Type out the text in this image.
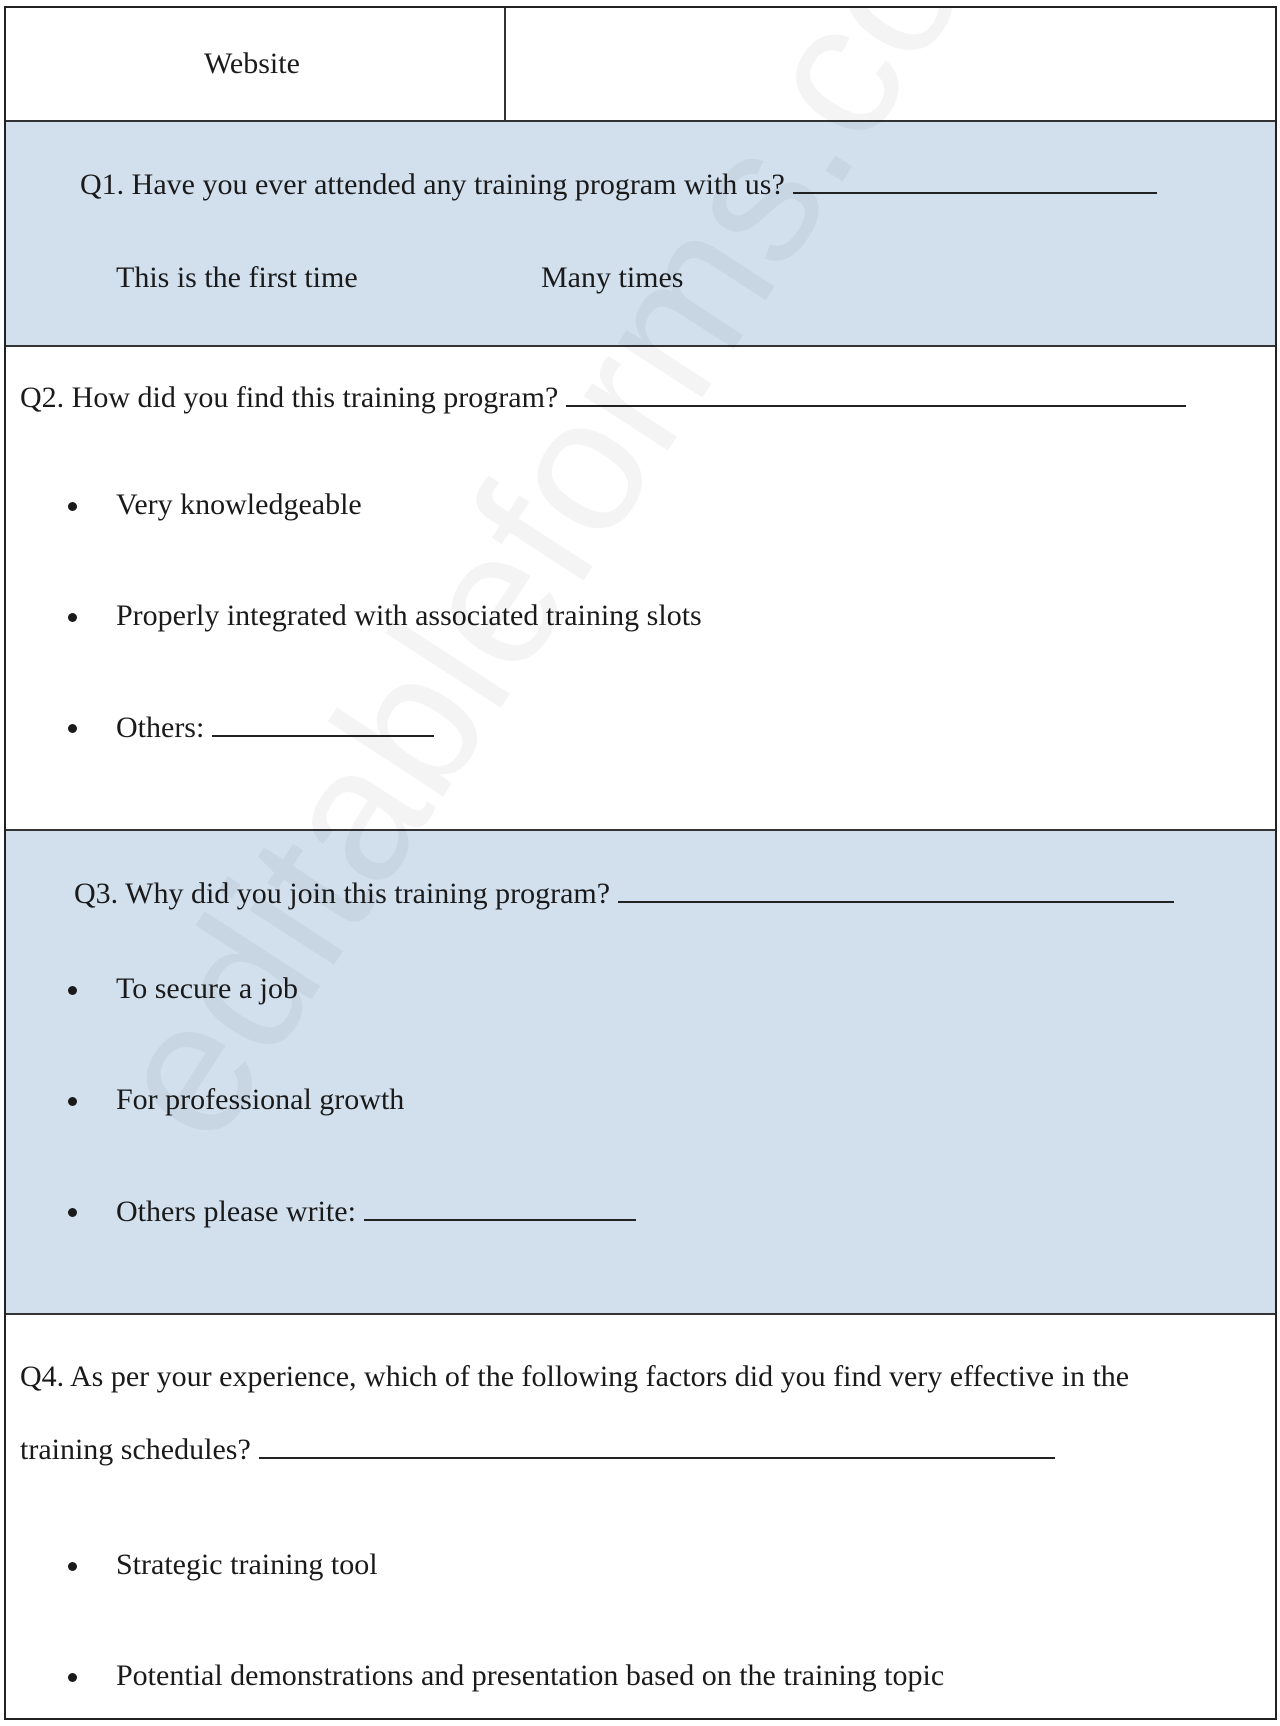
Website
Q1. Have you ever attended any training program with us?
This is the first time	Many times
Q2. How did you find this training program?
Very knowledgeable
Properly integrated with associated training slots
Others:
Q3. Why did you join this training program?
To secure a job
For professional growth
Others please write:
Q4. As per your experience, which of the following factors did you find very effective in the
training schedules?
Strategic training tool
Potential demonstrations and presentation based on the training topic
